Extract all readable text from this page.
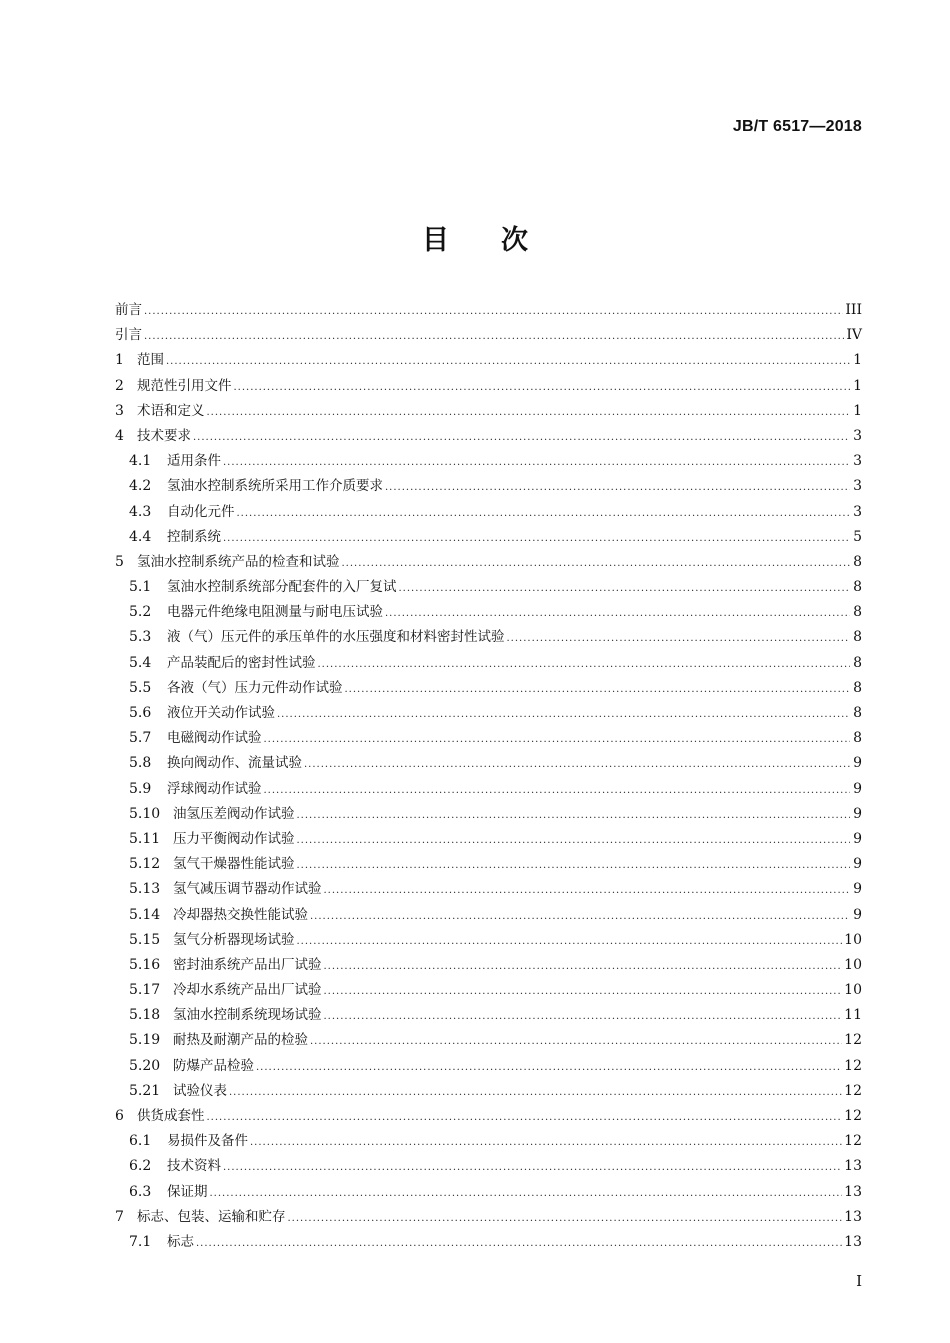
JB/T 6517—2018
目次
前言 .....	III
引言 .....	IV
1 范围 .....	1
2 规范性引用文件 .....	1
3 术语和定义 .....	1
4 技术要求 .....	3
4.1	适用条件 .....	3
4.2	氢油水控制系统所采用工作介质要求 .....	3
4.3	自动化元件 .....	3
4.4	控制系统 .....	5
5 氢油水控制系统产品的检查和试验 .....	8
5.1	氢油水控制系统部分配套件的入厂复试 .....	8
5.2	电器元件绝缘电阻测量与耐电压试验 .....	8
5.3	液（气）压元件的承压单件的水压强度和材料密封性试验 .....	8
5.4	产品装配后的密封性试验 .....	8
5.5	各液（气）压力元件动作试验 .....	8
5.6	液位开关动作试验 .....	8
5.7	电磁阀动作试验 .....	8
5.8	换向阀动作、流量试验 .....	9
5.9	浮球阀动作试验 .....	9
5.10 油氢压差阀动作试验 .....	9
5.11 压力平衡阀动作试验 .....	9
5.12 氢气干燥器性能试验 .....	9
5.13 氢气减压调节器动作试验 .....	9
5.14 冷却器热交换性能试验 .....	9
5.15 氢气分析器现场试验 .....	10
5.16 密封油系统产品出厂试验 .....	10
5.17 冷却水系统产品出厂试验 .....	10
5.18 氢油水控制系统现场试验 .....	11
5.19 耐热及耐潮产品的检验 .....	12
5.20 防爆产品检验 .....	12
5.21 试验仪表 .....	12
6 供货成套性 .....	12
6.1	易损件及备件 .....	12
6.2	技术资料 .....	13
6.3	保证期 .....	13
7 标志、包装、运输和贮存 .....	13
7.1	标志 .....	13
I
